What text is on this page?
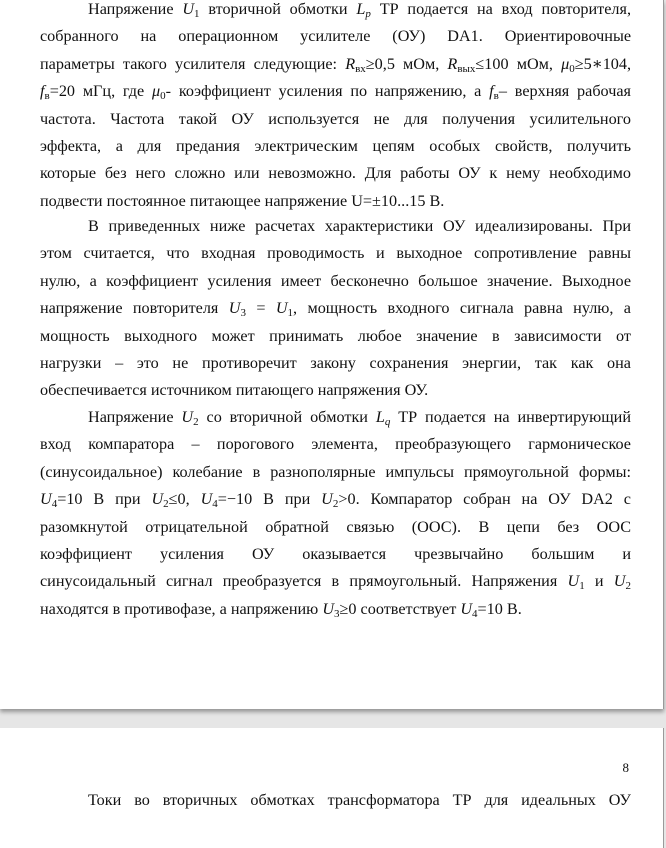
Напряжение $U_1$ вторичной обмотки $L_p$ ТР подается на вход повторителя,
собранного на операционном усилителе (ОУ) DA1. Ориентировочные
параметры такого усилителя следующие: $R_{вх}\ge 0,5$ мОм, $R_{вых}\le 100$ мОм, $\mu_0\ge 5∗104$,
$f_в=20$ мГц, где $\mu_0-$ коэффициент усиления по напряжению, а $f_в-$ верхняя рабочая
частота. Частота такой ОУ используется не для получения усилительного
эффекта, а для предания электрическим цепям особых свойств, получить
которые без него сложно или невозможно. Для работы ОУ к нему необходимо
подвести постоянное питающее напряжение U=±10...15 В.
В приведенных ниже расчетах характеристики ОУ идеализированы. При
этом считается, что входная проводимость и выходное сопротивление равны
нулю, а коэффициент усиления имеет бесконечно большое значение. Выходное
напряжение повторителя $U_3 = U_1$, мощность входного сигнала равна нулю, а
мощность выходного может принимать любое значение в зависимости от
нагрузки – это не противоречит закону сохранения энергии, так как она
обеспечивается источником питающего напряжения ОУ.
Напряжение $U_2$ со вторичной обмотки $L_q$ ТР подается на инвертирующий
вход компаратора – порогового элемента, преобразующего гармоническое
(синусоидальное) колебание в разнополярные импульсы прямоугольной формы:
$U_4=10$ В при $U_2\le 0$, $U_4=-10$ В при $U_2>0$. Компаратор собран на ОУ DA2 с
разомкнутой отрицательной обратной связью (ООС). В цепи без ООС
коэффициент усиления ОУ оказывается чрезвычайно большим и
синусоидальный сигнал преобразуется в прямоугольный. Напряжения $U_1$ и $U_2$
находятся в противофазе, а напряжению $U_3\ge 0$ соответствует $U_4=10$ В.
8
Токи во вторичных обмотках трансформатора ТР для идеальных ОУ
